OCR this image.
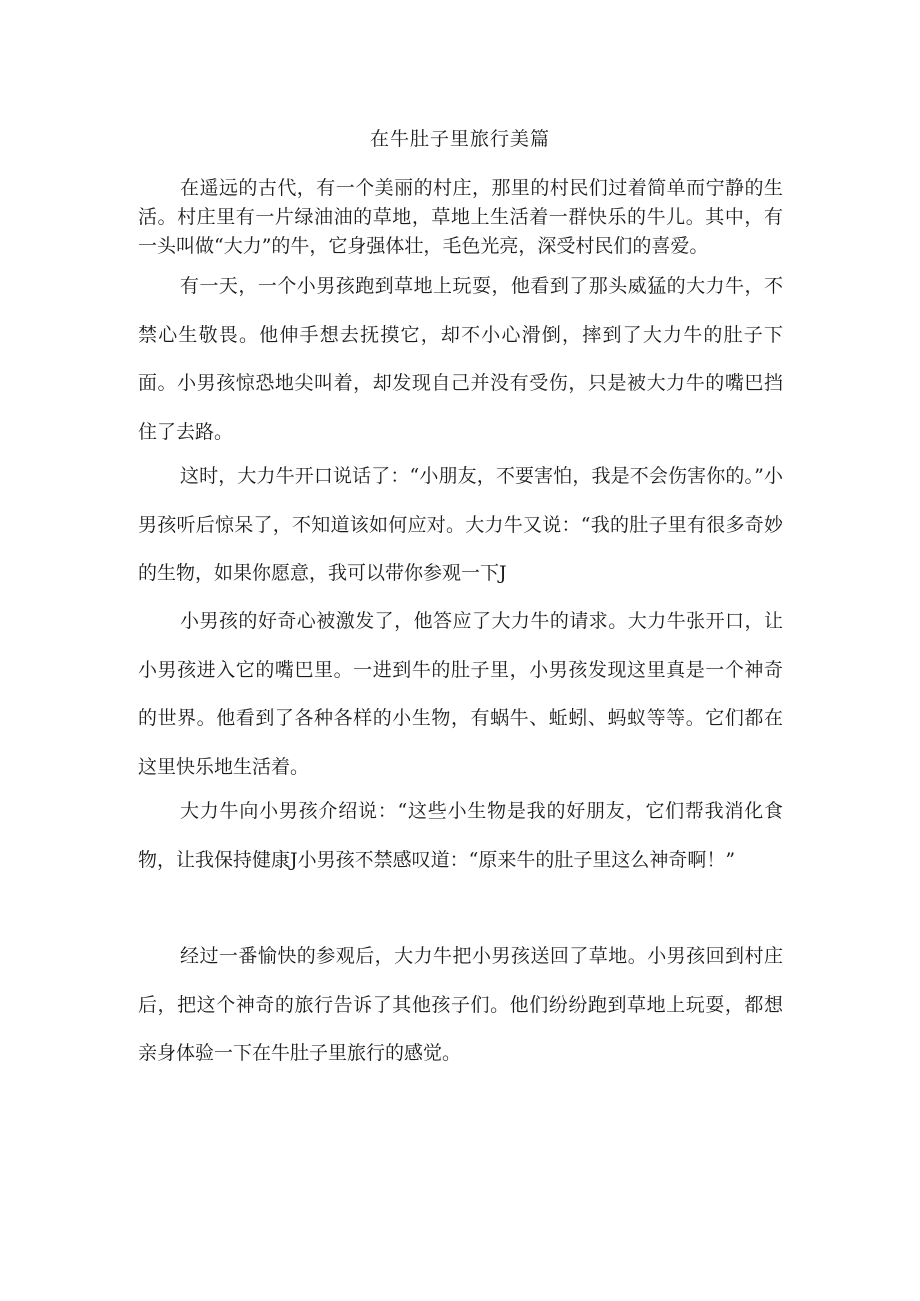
在牛肚子里旅行美篇

在遥远的古代，有一个美丽的村庄，那里的村民们过着简单而宁静的生活。村庄里有一片绿油油的草地，草地上生活着一群快乐的牛儿。其中，有一头叫做“大力”的牛，它身强体壮，毛色光亮，深受村民们的喜爱。

有一天，一个小男孩跑到草地上玩耍，他看到了那头威猛的大力牛，不禁心生敬畏。他伸手想去抚摸它，却不小心滑倒，摔到了大力牛的肚子下面。小男孩惊恐地尖叫着，却发现自己并没有受伤，只是被大力牛的嘴巴挡住了去路。

这时，大力牛开口说话了：“小朋友，不要害怕，我是不会伤害你的。”小男孩听后惊呆了，不知道该如何应对。大力牛又说：“我的肚子里有很多奇妙的生物，如果你愿意，我可以带你参观一下J

小男孩的好奇心被激发了，他答应了大力牛的请求。大力牛张开口，让小男孩进入它的嘴巴里。一进到牛的肚子里，小男孩发现这里真是一个神奇的世界。他看到了各种各样的小生物，有蜗牛、蚯蚓、蚂蚁等等。它们都在这里快乐地生活着。

大力牛向小男孩介绍说：“这些小生物是我的好朋友，它们帮我消化食物，让我保持健康J小男孩不禁感叹道：“原来牛的肚子里这么神奇啊！”

经过一番愉快的参观后，大力牛把小男孩送回了草地。小男孩回到村庄后，把这个神奇的旅行告诉了其他孩子们。他们纷纷跑到草地上玩耍，都想亲身体验一下在牛肚子里旅行的感觉。
